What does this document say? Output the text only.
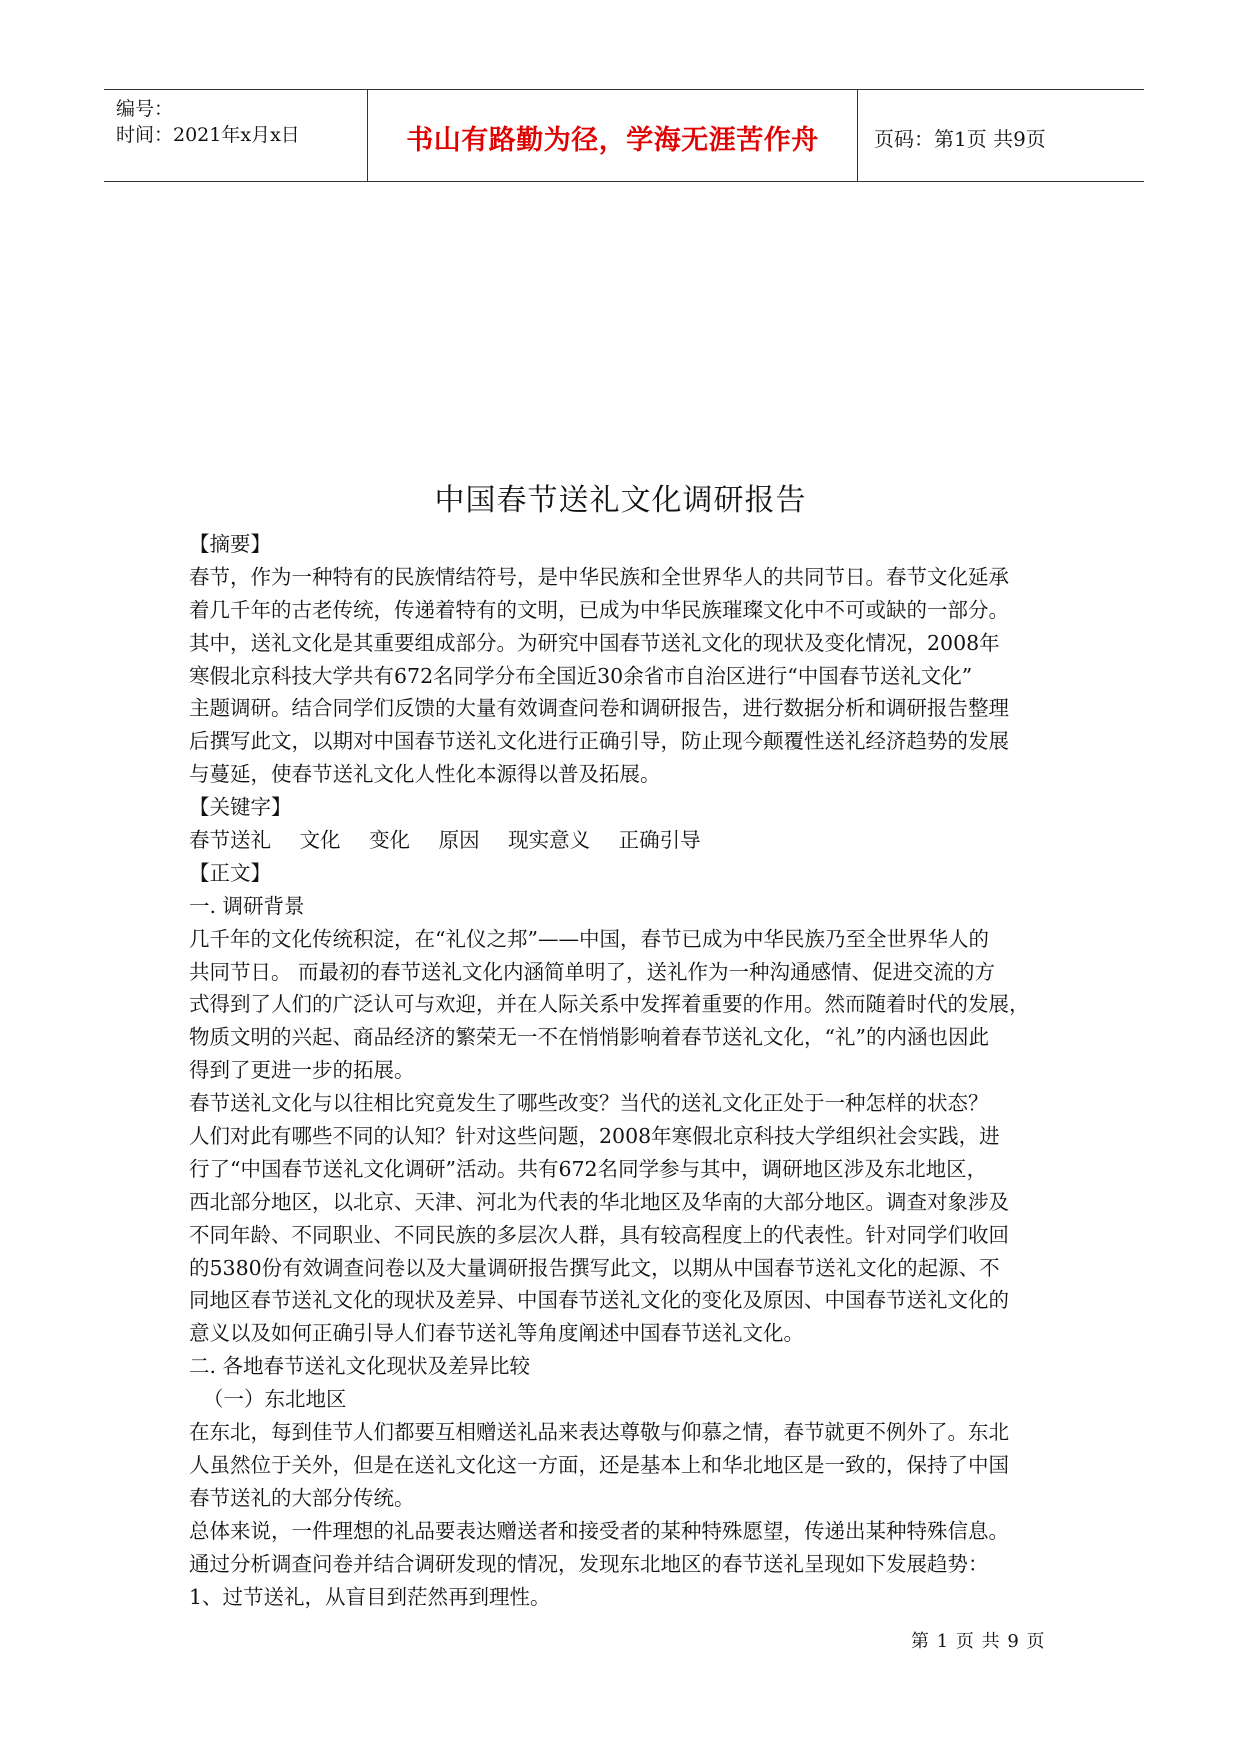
编号：
时间：2021年x月x日	书山有路勤为径，学海无涯苦作舟	页码：第1页 共9页
中国春节送礼文化调研报告
【摘要】
春节，作为一种特有的民族情结符号，是中华民族和全世界华人的共同节日。春节文化延承
着几千年的古老传统，传递着特有的文明，已成为中华民族璀璨文化中不可或缺的一部分。
其中，送礼文化是其重要组成部分。为研究中国春节送礼文化的现状及变化情况，2008年
寒假北京科技大学共有672名同学分布全国近30余省市自治区进行“中国春节送礼文化”
主题调研。结合同学们反馈的大量有效调查问卷和调研报告，进行数据分析和调研报告整理
后撰写此文，以期对中国春节送礼文化进行正确引导，防止现今颠覆性送礼经济趋势的发展
与蔓延，使春节送礼文化人性化本源得以普及拓展。
【关键字】
春节送礼 文化 变化 原因 现实意义 正确引导
【正文】
一. 调研背景
几千年的文化传统积淀，在“礼仪之邦”——中国，春节已成为中华民族乃至全世界华人的
共同节日。 而最初的春节送礼文化内涵简单明了，送礼作为一种沟通感情、促进交流的方
式得到了人们的广泛认可与欢迎，并在人际关系中发挥着重要的作用。然而随着时代的发展，
物质文明的兴起、商品经济的繁荣无一不在悄悄影响着春节送礼文化，“礼”的内涵也因此
得到了更进一步的拓展。
春节送礼文化与以往相比究竟发生了哪些改变？当代的送礼文化正处于一种怎样的状态？
人们对此有哪些不同的认知？针对这些问题，2008年寒假北京科技大学组织社会实践，进
行了“中国春节送礼文化调研”活动。共有672名同学参与其中，调研地区涉及东北地区，
西北部分地区，以北京、天津、河北为代表的华北地区及华南的大部分地区。调查对象涉及
不同年龄、不同职业、不同民族的多层次人群，具有较高程度上的代表性。针对同学们收回
的5380份有效调查问卷以及大量调研报告撰写此文，以期从中国春节送礼文化的起源、不
同地区春节送礼文化的现状及差异、中国春节送礼文化的变化及原因、中国春节送礼文化的
意义以及如何正确引导人们春节送礼等角度阐述中国春节送礼文化。
二. 各地春节送礼文化现状及差异比较
（一）东北地区
在东北，每到佳节人们都要互相赠送礼品来表达尊敬与仰慕之情，春节就更不例外了。东北
人虽然位于关外，但是在送礼文化这一方面，还是基本上和华北地区是一致的，保持了中国
春节送礼的大部分传统。
总体来说，一件理想的礼品要表达赠送者和接受者的某种特殊愿望，传递出某种特殊信息。
通过分析调查问卷并结合调研发现的情况，发现东北地区的春节送礼呈现如下发展趋势：
1、过节送礼，从盲目到茫然再到理性。
第 1 页 共 9 页
